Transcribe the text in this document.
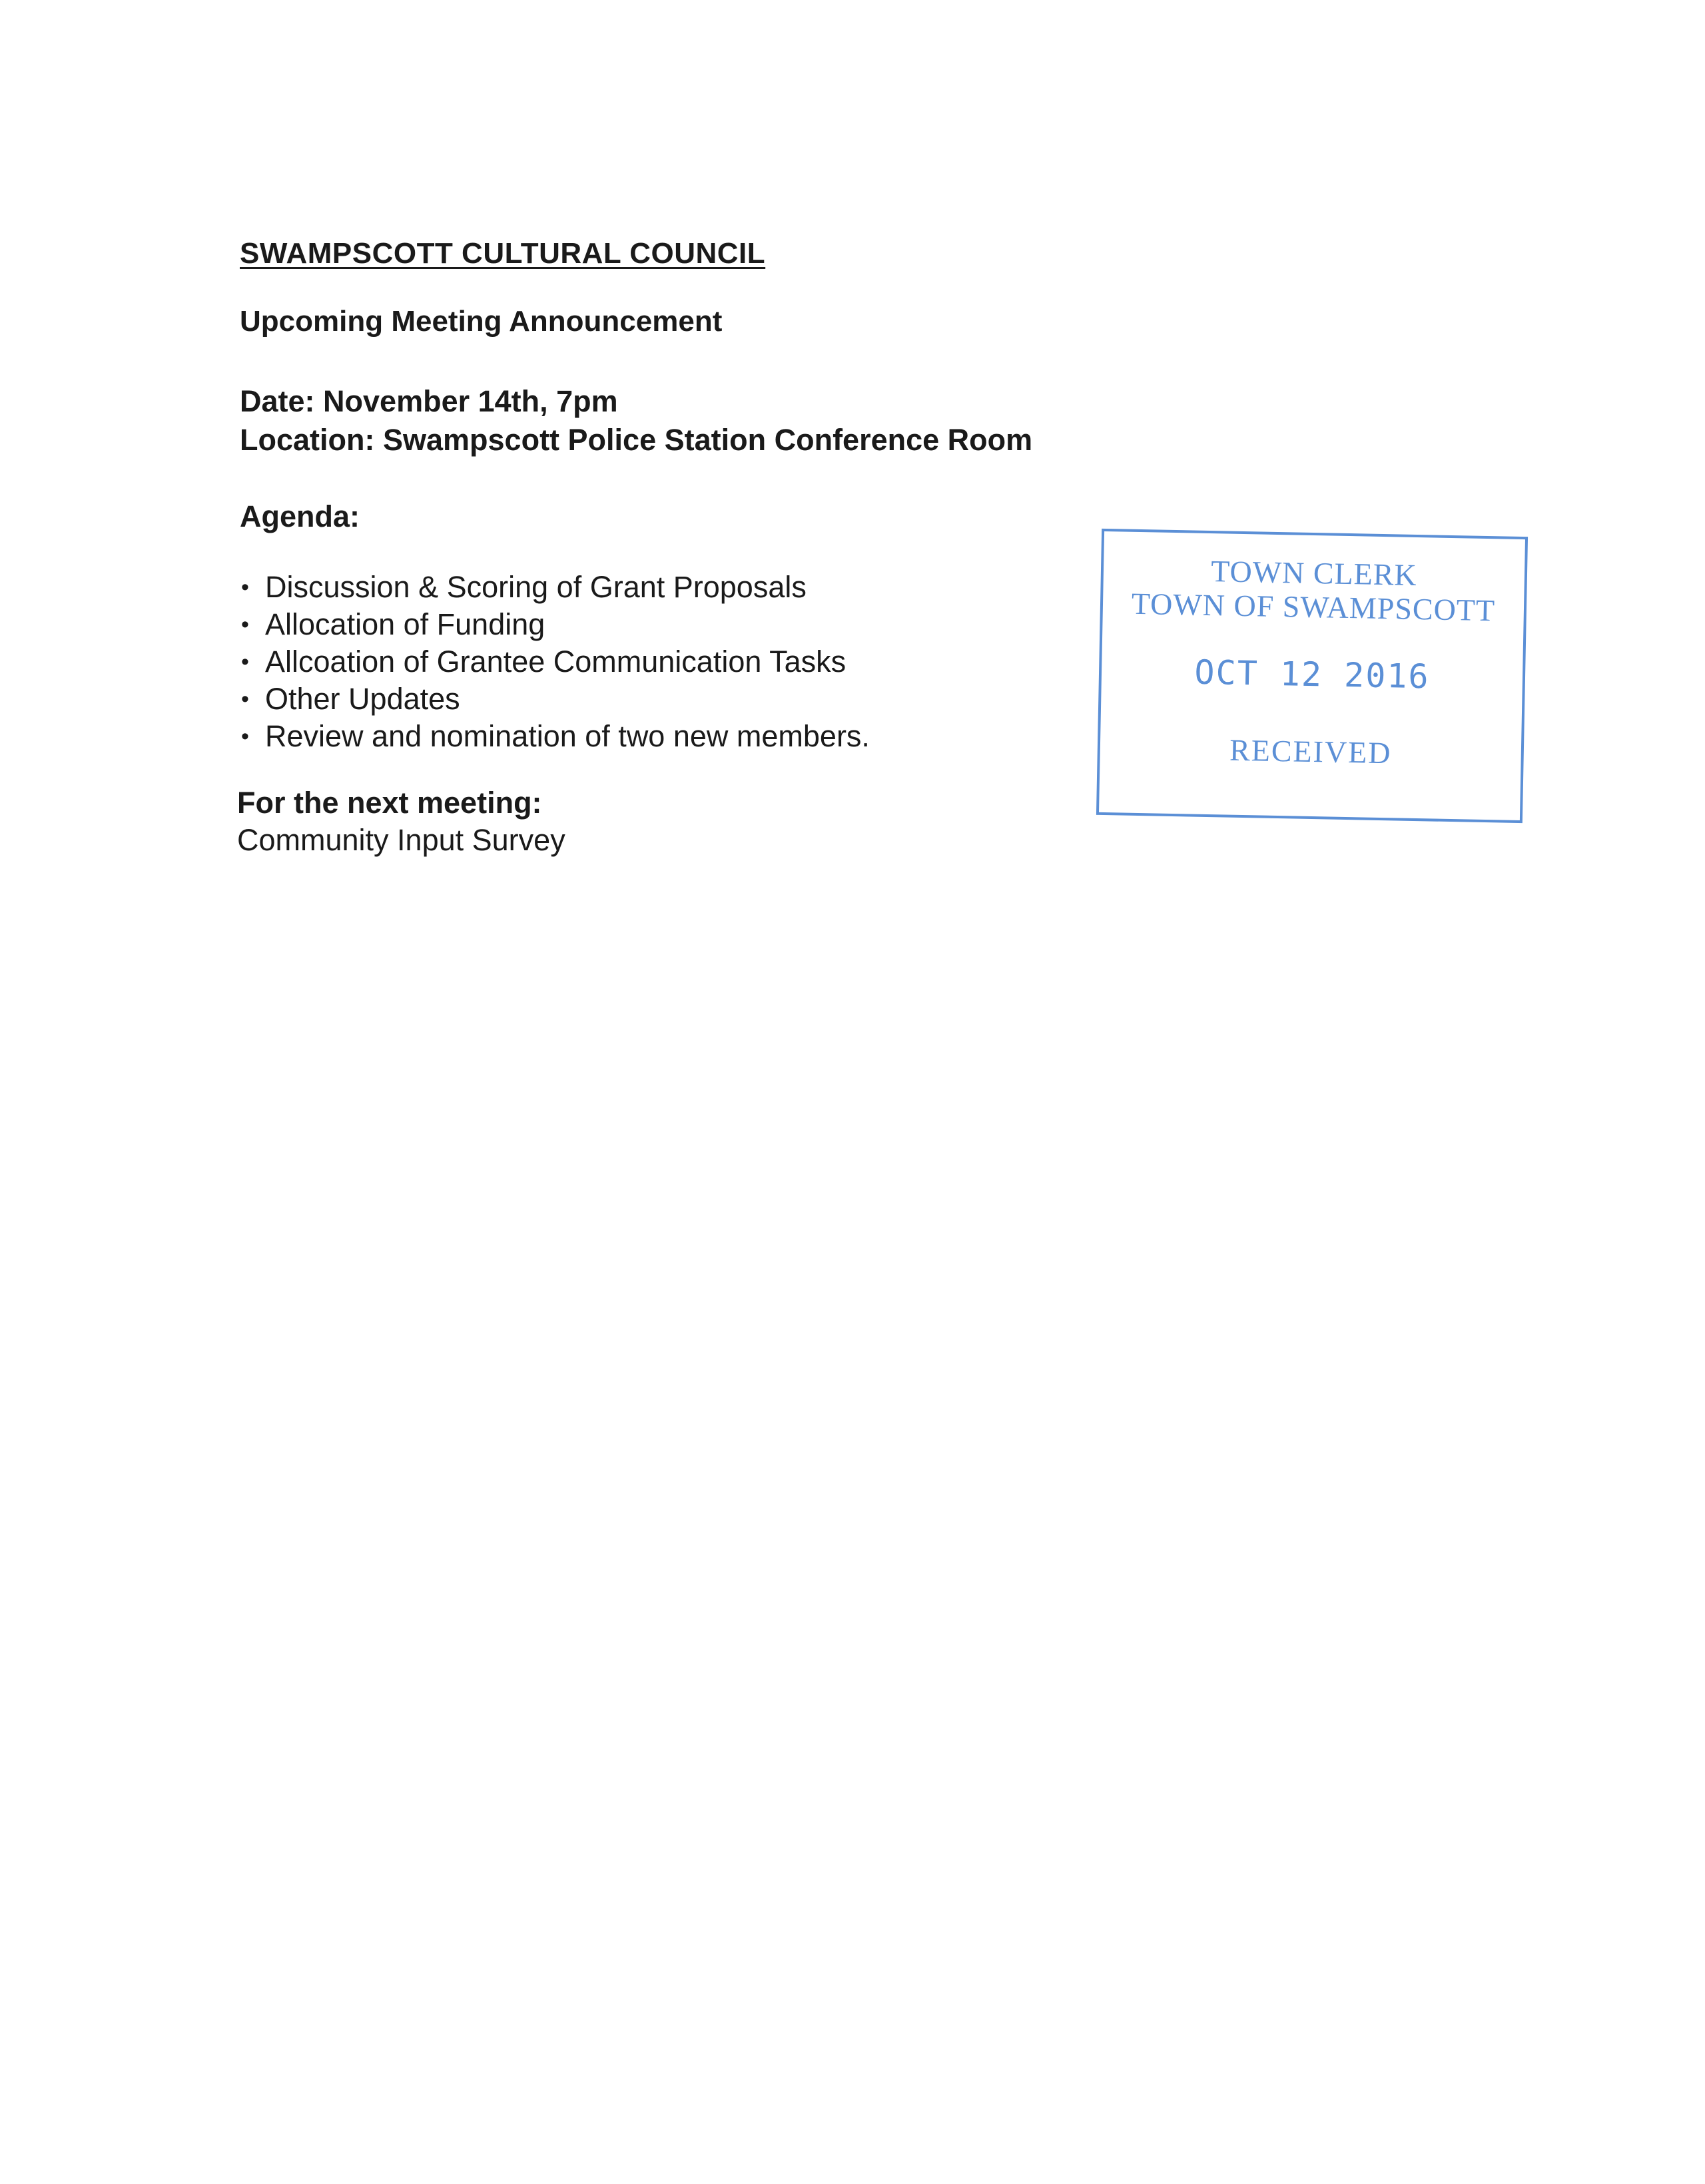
SWAMPSCOTT CULTURAL COUNCIL
Upcoming Meeting Announcement
Date: November 14th, 7pm
Location: Swampscott Police Station Conference Room
Agenda:
• Discussion & Scoring of Grant Proposals
• Allocation of Funding
• Allcoation of Grantee Communication Tasks
• Other Updates
• Review and nomination of two new members.
For the next meeting:
Community Input Survey
TOWN CLERK
TOWN OF SWAMPSCOTT
OCT 12 2016
RECEIVED
